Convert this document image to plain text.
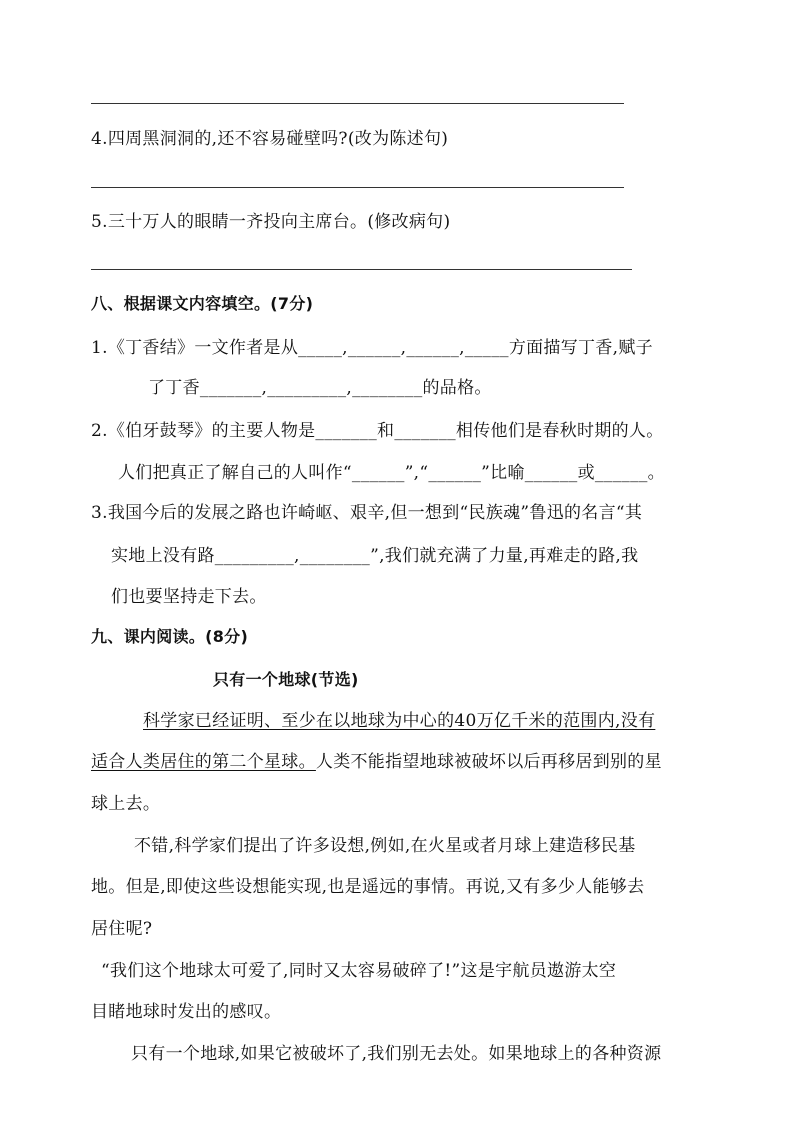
4.四周黑洞洞的,还不容易碰壁吗?(改为陈述句)
5.三十万人的眼睛一齐投向主席台。(修改病句)
八、根据课文内容填空。(7分)
1.《丁香结》一文作者是从_____,______,______,_____方面描写丁香,赋子
了丁香_______,_________,________的品格。
2.《伯牙鼓琴》的主要人物是_______和_______相传他们是春秋时期的人。
人们把真正了解自己的人叫作“______”,“______”比喻______或______。
3.我国今后的发展之路也许崎岖、艰辛,但一想到“民族魂”鲁迅的名言“其
实地上没有路_________,________”,我们就充满了力量,再难走的路,我
们也要坚持走下去。
九、课内阅读。(8分)
只有一个地球(节选)
科学家已经证明、至少在以地球为中心的40万亿千米的范围内,没有
适合人类居住的第二个星球。人类不能指望地球被破坏以后再移居到别的星
球上去。
不错,科学家们提出了许多设想,例如,在火星或者月球上建造移民基
地。但是,即使这些设想能实现,也是遥远的事情。再说,又有多少人能够去
居住呢?
“我们这个地球太可爱了,同时又太容易破碎了!”这是宇航员遨游太空
目睹地球时发出的感叹。
只有一个地球,如果它被破坏了,我们别无去处。如果地球上的各种资源
